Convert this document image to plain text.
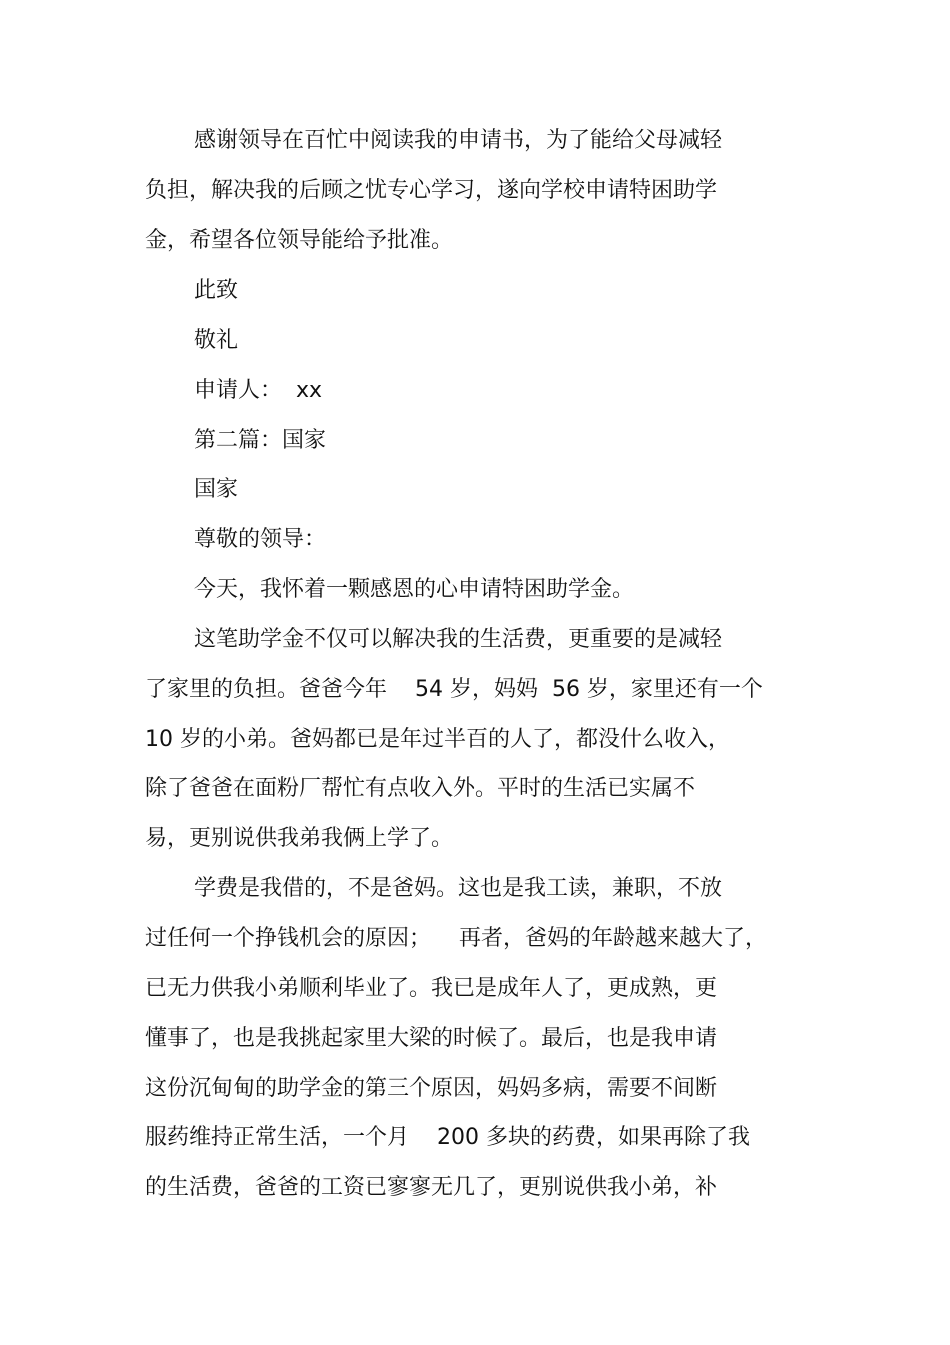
感谢领导在百忙中阅读我的申请书，为了能给父母减轻
负担，解决我的后顾之忧专心学习，遂向学校申请特困助学
金，希望各位领导能给予批准。
此致
敬礼
申请人：  xx
第二篇：国家
国家
尊敬的领导：
今天，我怀着一颗感恩的心申请特困助学金。
这笔助学金不仅可以解决我的生活费，更重要的是减轻
了家里的负担。爸爸今年    54 岁，妈妈  56 岁，家里还有一个
10 岁的小弟。爸妈都已是年过半百的人了，都没什么收入，
除了爸爸在面粉厂帮忙有点收入外。平时的生活已实属不
易，更别说供我弟我俩上学了。
学费是我借的，不是爸妈。这也是我工读，兼职，不放
过任何一个挣钱机会的原因；    再者，爸妈的年龄越来越大了，
已无力供我小弟顺利毕业了。我已是成年人了，更成熟，更
懂事了，也是我挑起家里大梁的时候了。最后，也是我申请
这份沉甸甸的助学金的第三个原因，妈妈多病，需要不间断
服药维持正常生活，一个月    200 多块的药费，如果再除了我
的生活费，爸爸的工资已寥寥无几了，更别说供我小弟，补
